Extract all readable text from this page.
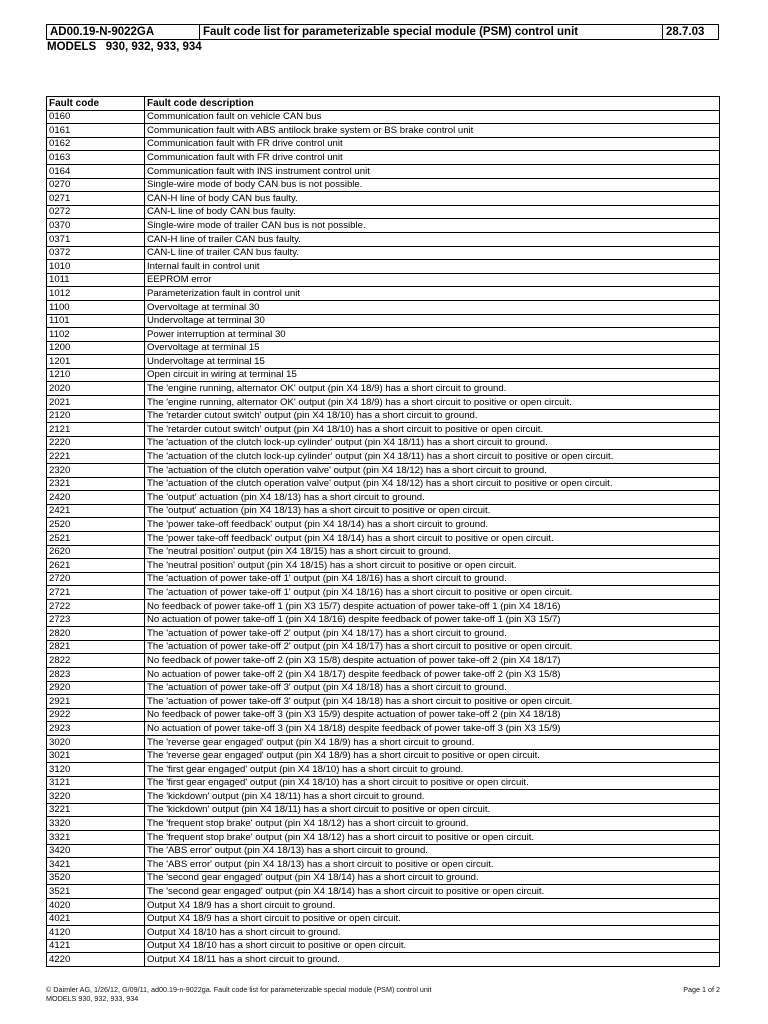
AD00.19-N-9022GA	Fault code list for parameterizable special module (PSM) control unit	28.7.03
MODELS   930, 932, 933, 934
Fault code	Fault code description
0160	Communication fault on vehicle CAN bus
0161	Communication fault with ABS antilock brake system or BS brake control unit
0162	Communication fault with FR drive control unit
0163	Communication fault with FR drive control unit
0164	Communication fault with INS instrument control unit
0270	Single-wire mode of body CAN bus is not possible.
0271	CAN-H line of body CAN bus faulty.
0272	CAN-L line of body CAN bus faulty.
0370	Single-wire mode of trailer CAN bus is not possible.
0371	CAN-H line of trailer CAN bus faulty.
0372	CAN-L line of trailer CAN bus faulty.
1010	Internal fault in control unit
1011	EEPROM error
1012	Parameterization fault in control unit
1100	Overvoltage at terminal 30
1101	Undervoltage at terminal 30
1102	Power interruption at terminal 30
1200	Overvoltage at terminal 15
1201	Undervoltage at terminal 15
1210	Open circuit in wiring at terminal 15
2020	The 'engine running, alternator OK' output (pin X4 18/9) has a short circuit to ground.
2021	The 'engine running, alternator OK' output (pin X4 18/9) has a short circuit to positive or open circuit.
2120	The 'retarder cutout switch' output (pin X4 18/10) has a short circuit to ground.
2121	The 'retarder cutout switch' output (pin X4 18/10) has a short circuit to positive or open circuit.
2220	The 'actuation of the clutch lock-up cylinder' output (pin X4 18/11) has a short circuit to ground.
2221	The 'actuation of the clutch lock-up cylinder' output (pin X4 18/11) has a short circuit to positive or open circuit.
2320	The 'actuation of the clutch operation valve' output (pin X4 18/12) has a short circuit to ground.
2321	The 'actuation of the clutch operation valve' output (pin X4 18/12) has a short circuit to positive or open circuit.
2420	The 'output' actuation (pin X4 18/13) has a short circuit to ground.
2421	The 'output' actuation (pin X4 18/13) has a short circuit to positive or open circuit.
2520	The 'power take-off feedback' output (pin X4 18/14) has a short circuit to ground.
2521	The 'power take-off feedback' output (pin X4 18/14) has a short circuit to positive or open circuit.
2620	The 'neutral position' output (pin X4 18/15) has a short circuit to ground.
2621	The 'neutral position' output (pin X4 18/15) has a short circuit to positive or open circuit.
2720	The 'actuation of power take-off 1' output (pin X4 18/16) has a short circuit to ground.
2721	The 'actuation of power take-off 1' output (pin X4 18/16) has a short circuit to positive or open circuit.
2722	No feedback of power take-off 1 (pin X3 15/7) despite actuation of power take-off 1 (pin X4 18/16)
2723	No actuation of power take-off 1 (pin X4 18/16) despite feedback of power take-off 1 (pin X3 15/7)
2820	The 'actuation of power take-off 2' output (pin X4 18/17) has a short circuit to ground.
2821	The 'actuation of power take-off 2' output (pin X4 18/17) has a short circuit to positive or open circuit.
2822	No feedback of power take-off 2 (pin X3 15/8) despite actuation of power take-off 2 (pin X4 18/17)
2823	No actuation of power take-off 2 (pin X4 18/17) despite feedback of power take-off 2 (pin X3 15/8)
2920	The 'actuation of power take-off 3' output (pin X4 18/18) has a short circuit to ground.
2921	The 'actuation of power take-off 3' output (pin X4 18/18) has a short circuit to positive or open circuit.
2922	No feedback of power take-off 3 (pin X3 15/9) despite actuation of power take-off 2 (pin X4 18/18)
2923	No actuation of power take-off 3 (pin X4 18/18) despite feedback of power take-off 3 (pin X3 15/9)
3020	The 'reverse gear engaged' output (pin X4 18/9) has a short circuit to ground.
3021	The 'reverse gear engaged' output (pin X4 18/9) has a short circuit to positive or open circuit.
3120	The 'first gear engaged' output (pin X4 18/10) has a short circuit to ground.
3121	The 'first gear engaged' output (pin X4 18/10) has a short circuit to positive or open circuit.
3220	The 'kickdown' output (pin X4 18/11) has a short circuit to ground.
3221	The 'kickdown' output (pin X4 18/11) has a short circuit to positive or open circuit.
3320	The 'frequent stop brake' output (pin X4 18/12) has a short circuit to ground.
3321	The 'frequent stop brake' output (pin X4 18/12) has a short circuit to positive or open circuit.
3420	The 'ABS error' output (pin X4 18/13) has a short circuit to ground.
3421	The 'ABS error' output (pin X4 18/13) has a short circuit to positive or open circuit.
3520	The 'second gear engaged' output (pin X4 18/14) has a short circuit to ground.
3521	The 'second gear engaged' output (pin X4 18/14) has a short circuit to positive or open circuit.
4020	Output X4 18/9 has a short circuit to ground.
4021	Output X4 18/9 has a short circuit to positive or open circuit.
4120	Output X4 18/10 has a short circuit to ground.
4121	Output X4 18/10 has a short circuit to positive or open circuit.
4220	Output X4 18/11 has a short circuit to ground.
© Daimler AG, 1/26/12, G/09/11, ad00.19-n-9022ga. Fault code list for parameterizable special module (PSM) control unit	Page 1 of 2
MODELS 930, 932, 933, 934
